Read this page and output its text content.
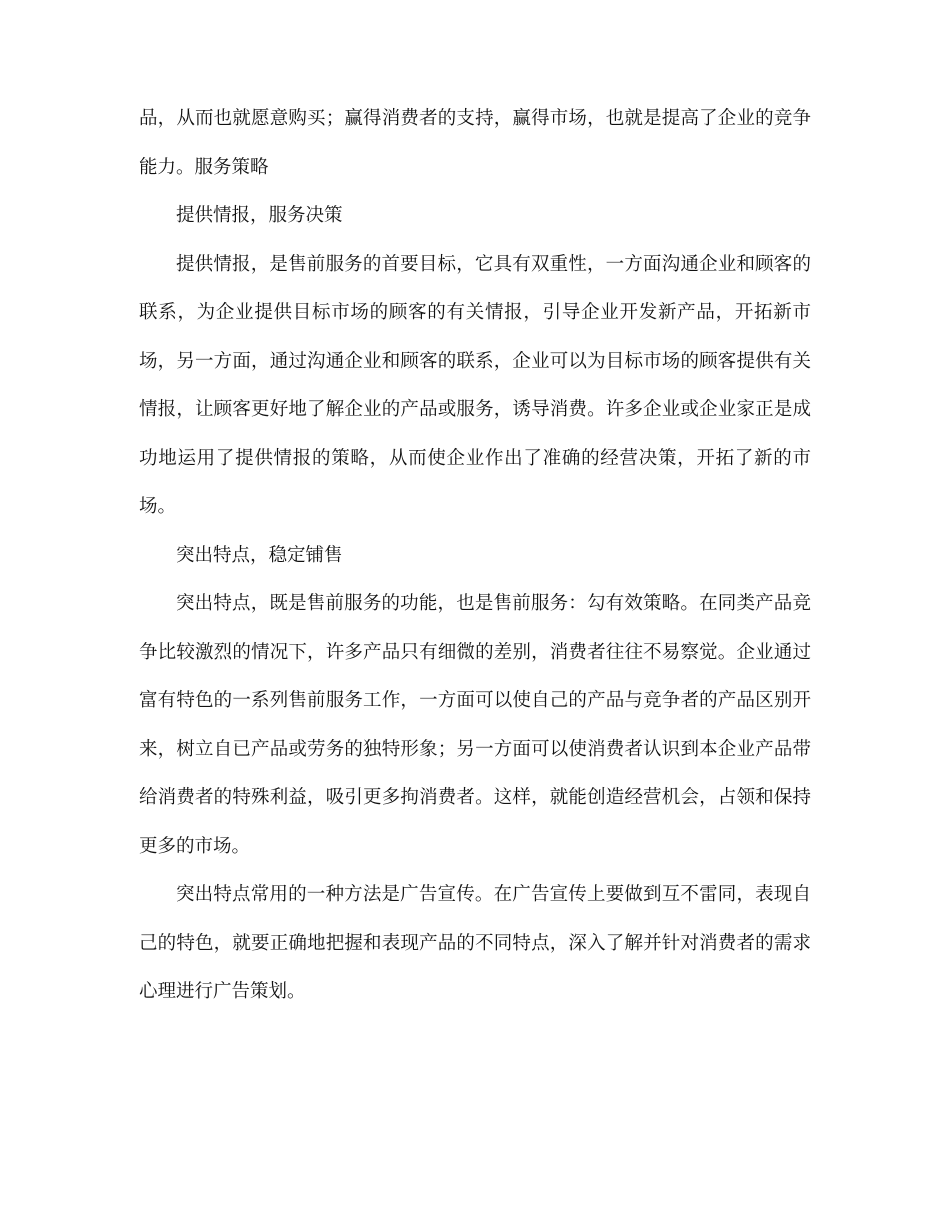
品，从而也就愿意购买；赢得消费者的支持，赢得市场，也就是提高了企业的竞争能力。服务策略

提供情报，服务决策

提供情报，是售前服务的首要目标，它具有双重性，一方面沟通企业和顾客的联系，为企业提供目标市场的顾客的有关情报，引导企业开发新产品，开拓新市场，另一方面，通过沟通企业和顾客的联系，企业可以为目标市场的顾客提供有关情报，让顾客更好地了解企业的产品或服务，诱导消费。许多企业或企业家正是成功地运用了提供情报的策略，从而使企业作出了准确的经营决策，开拓了新的市场。

突出特点，稳定铺售

突出特点，既是售前服务的功能，也是售前服务：勾有效策略。在同类产品竞争比较激烈的情况下，许多产品只有细微的差别，消费者往往不易察觉。企业通过富有特色的一系列售前服务工作，一方面可以使自己的产品与竞争者的产品区别开来，树立自已产品或劳务的独特形象；另一方面可以使消费者认识到本企业产品带给消费者的特殊利益，吸引更多拘消费者。这样，就能创造经营机会，占领和保持更多的市场。

突出特点常用的一种方法是广告宣传。在广告宣传上要做到互不雷同，表现自己的特色，就要正确地把握和表现产品的不同特点，深入了解并针对消费者的需求心理进行广告策划。
